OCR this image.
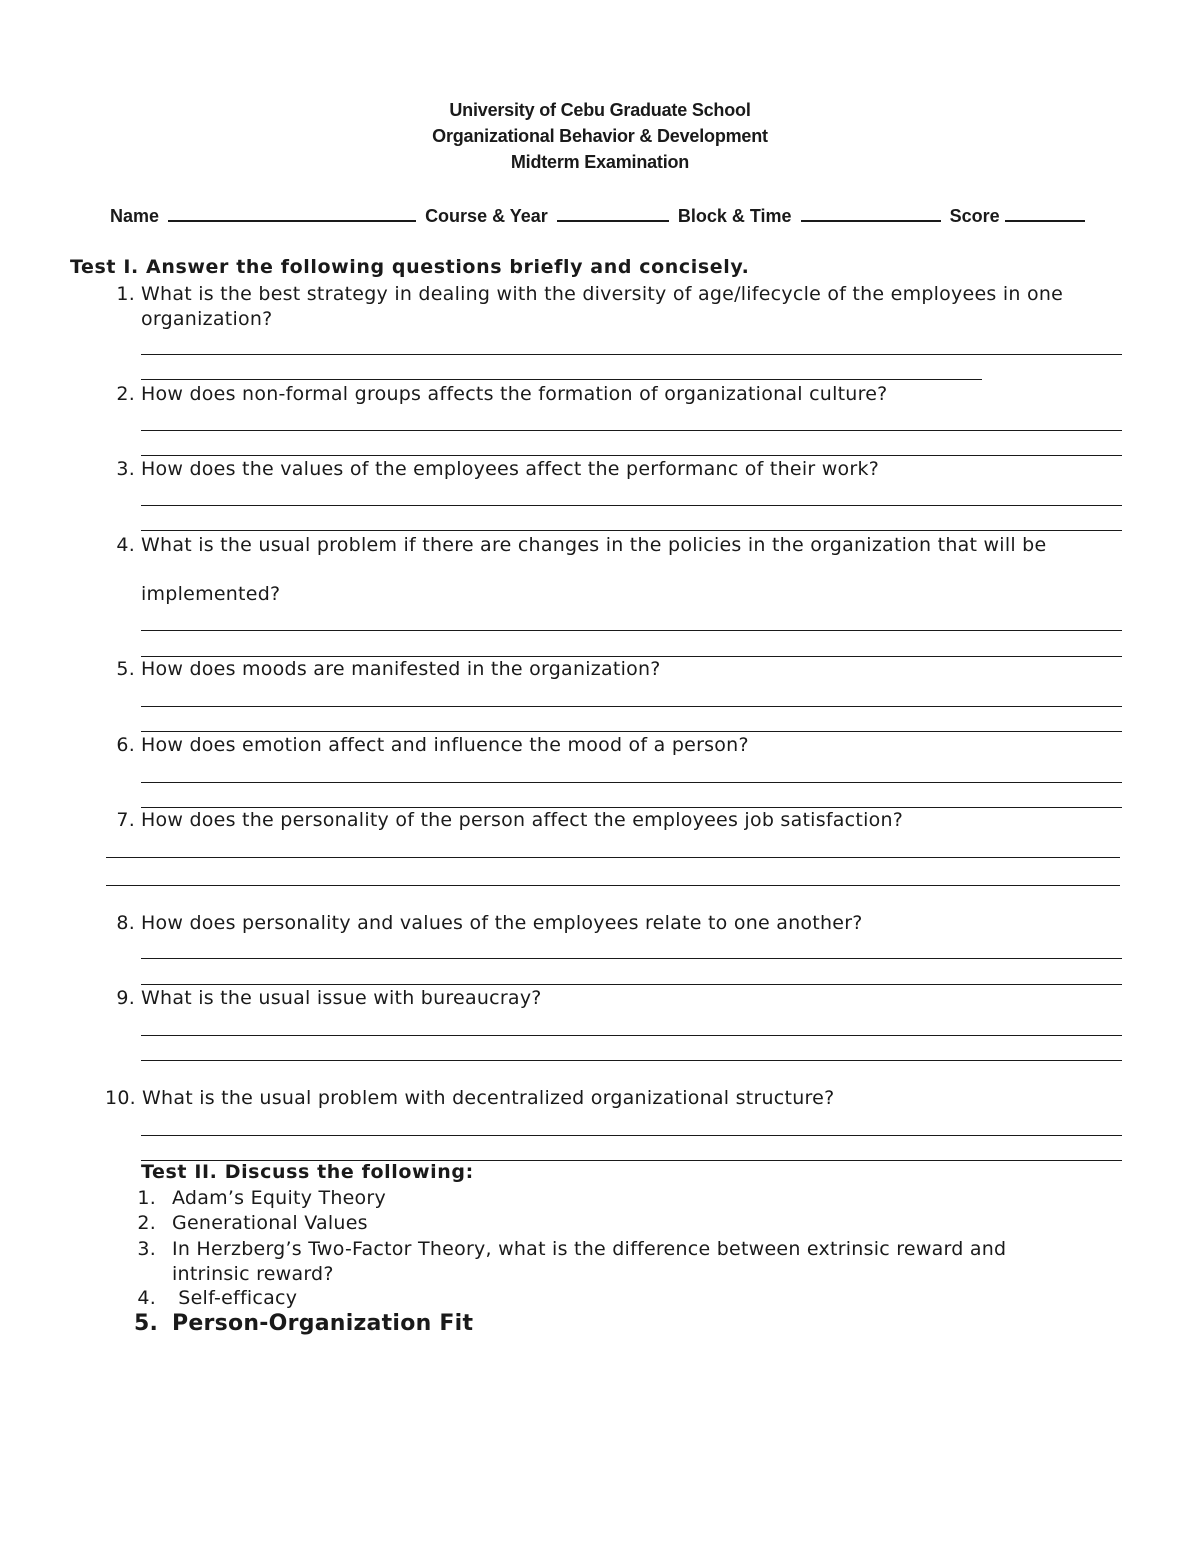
University of Cebu Graduate School
Organizational Behavior & Development
Midterm Examination
Name	Course & Year	Block & Time	Score
Test I. Answer the following questions briefly and concisely.
1. What is the best strategy in dealing with the diversity of age/lifecycle of the employees in one organization?
2. How does non-formal groups affects the formation of organizational culture?
3. How does the values of the employees affect the performanc of their work?
4. What is the usual problem if there are changes in the policies in the organization that will be
implemented?
5. How does moods are manifested in the organization?
6. How does emotion affect and influence the mood of a person?
7. How does the personality of the person affect the employees job satisfaction?
8. How does personality and values of the employees relate to one another?
9. What is the usual issue with bureaucray?
10. What is the usual problem with decentralized organizational structure?
Test II. Discuss the following:
1. Adam’s Equity Theory
2. Generational Values
3. In Herzberg’s Two-Factor Theory, what is the difference between extrinsic reward and
intrinsic reward?
4. Self-efficacy
5. Person-Organization Fit
